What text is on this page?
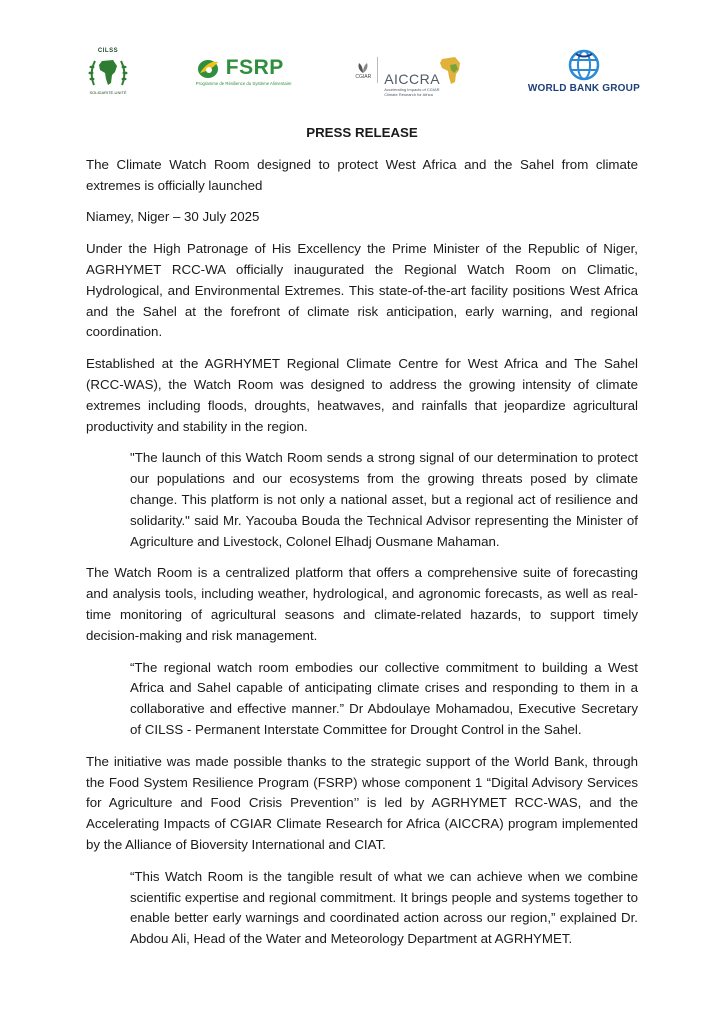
CILSS
SOLIDARITÉ-UNITÉ
FSRP
Programme de Résilience du Système Alimentaire
CGIAR AICCRA
Accelerating Impacts of CGIAR Climate Research for Africa
WORLD BANK GROUP

PRESS RELEASE

The Climate Watch Room designed to protect West Africa and the Sahel from climate extremes is officially launched

Niamey, Niger – 30 July 2025

Under the High Patronage of His Excellency the Prime Minister of the Republic of Niger, AGRHYMET RCC-WA officially inaugurated the Regional Watch Room on Climatic, Hydrological, and Environmental Extremes. This state-of-the-art facility positions West Africa and the Sahel at the forefront of climate risk anticipation, early warning, and regional coordination.

Established at the AGRHYMET Regional Climate Centre for West Africa and The Sahel (RCC-WAS), the Watch Room was designed to address the growing intensity of climate extremes including floods, droughts, heatwaves, and rainfalls that jeopardize agricultural productivity and stability in the region.

"The launch of this Watch Room sends a strong signal of our determination to protect our populations and our ecosystems from the growing threats posed by climate change. This platform is not only a national asset, but a regional act of resilience and solidarity." said Mr. Yacouba Bouda the Technical Advisor representing the Minister of Agriculture and Livestock, Colonel Elhadj Ousmane Mahaman.

The Watch Room is a centralized platform that offers a comprehensive suite of forecasting and analysis tools, including weather, hydrological, and agronomic forecasts, as well as real-time monitoring of agricultural seasons and climate-related hazards, to support timely decision-making and risk management.

“The regional watch room embodies our collective commitment to building a West Africa and Sahel capable of anticipating climate crises and responding to them in a collaborative and effective manner.” Dr Abdoulaye Mohamadou, Executive Secretary of CILSS - Permanent Interstate Committee for Drought Control in the Sahel.

The initiative was made possible thanks to the strategic support of the World Bank, through the Food System Resilience Program (FSRP) whose component 1 “Digital Advisory Services for Agriculture and Food Crisis Prevention’’ is led by AGRHYMET RCC-WAS, and the Accelerating Impacts of CGIAR Climate Research for Africa (AICCRA) program implemented by the Alliance of Bioversity International and CIAT.

“This Watch Room is the tangible result of what we can achieve when we combine scientific expertise and regional commitment. It brings people and systems together to enable better early warnings and coordinated action across our region,” explained Dr. Abdou Ali, Head of the Water and Meteorology Department at AGRHYMET.
